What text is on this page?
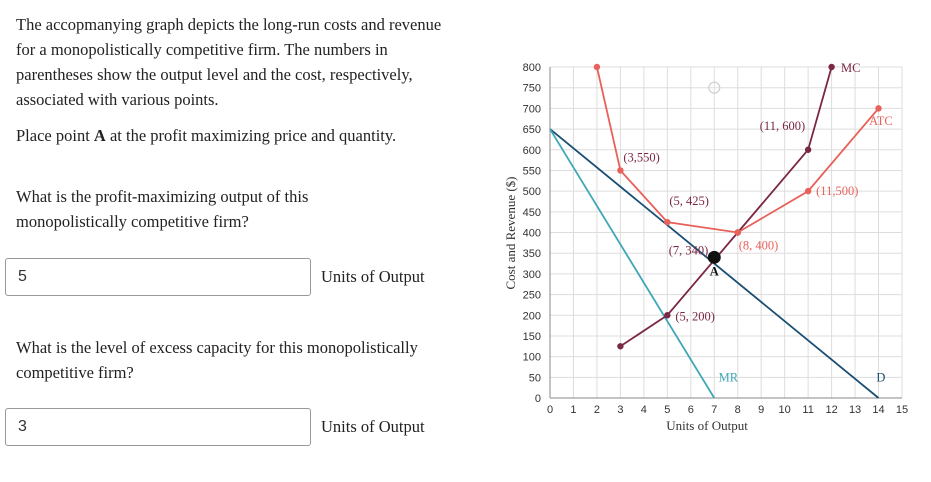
The accopmanying graph depicts the long-run costs and revenue for a monopolistically competitive firm. The numbers in parentheses show the output level and the cost, respectively, associated with various points.

Place point A at the profit maximizing price and quantity.

What is the profit-maximizing output of this monopolistically competitive firm?

What is the level of excess capacity for this monopolistically competitive firm?

5	Units of Output
3	Units of Output
0 1 2 3 4 5 6 7 8 9 10 11 12 13 14 15
0
50
100
150
200
250
300
350
400
450
500
550
600
650
700
750
800
D
MR
MC
ATC
(3,550)
(5, 425)
(7, 340) (8, 400)
(11, 600)
(11,500)
(5, 200)
A
Cost and Revenue ($)
Units of Output
